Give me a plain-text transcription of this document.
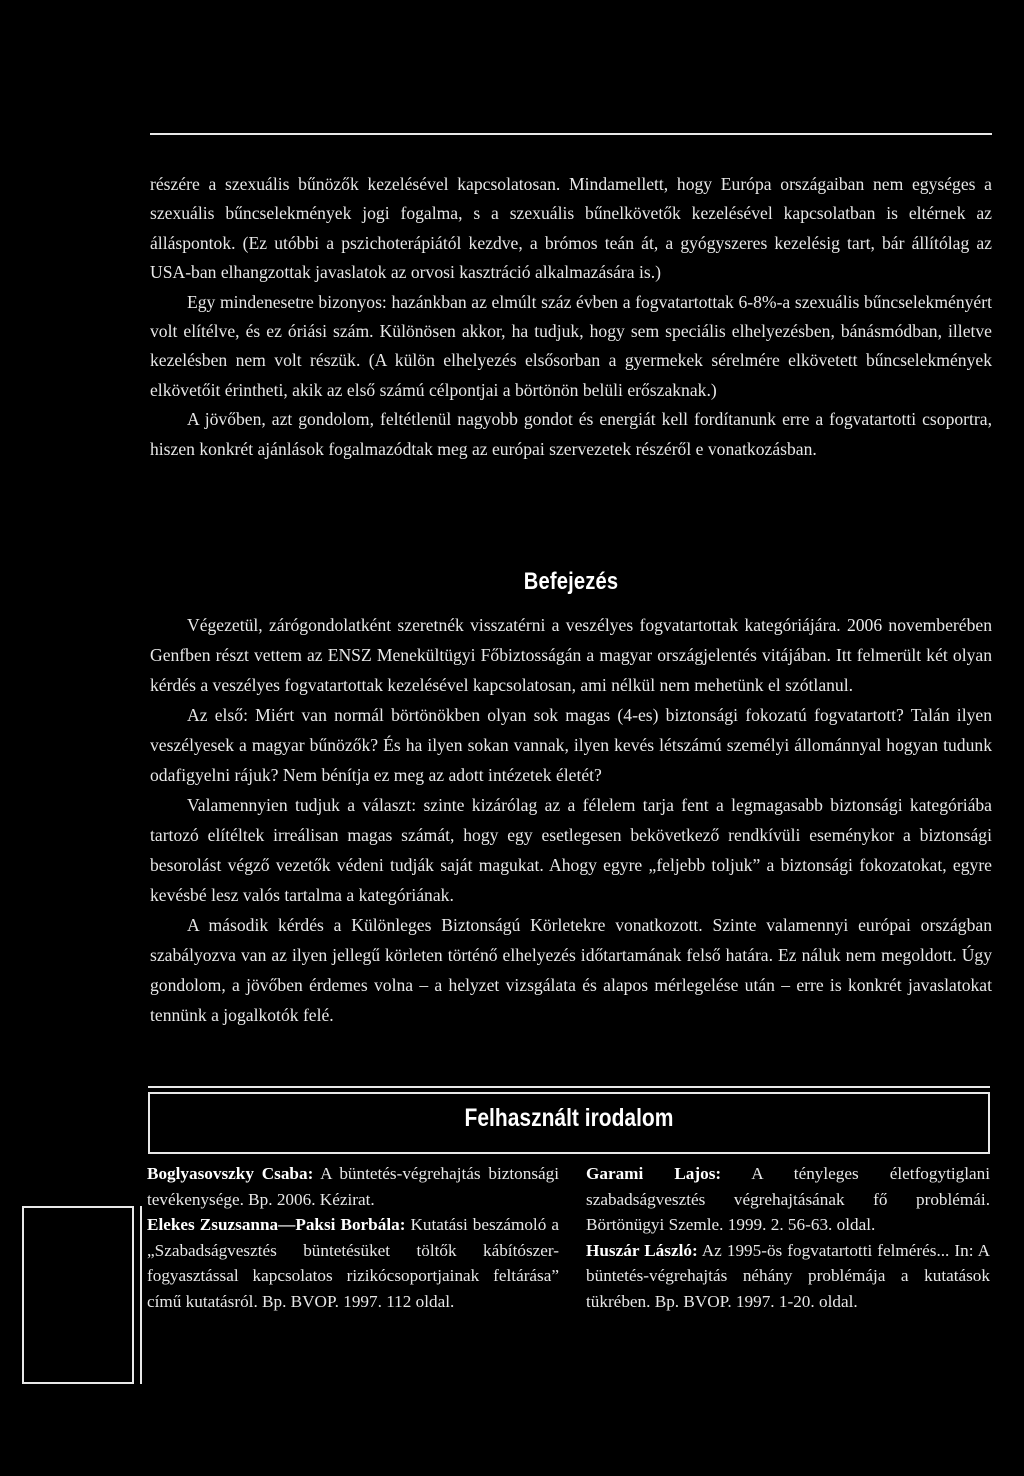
részére a szexuális bűnözők kezelésével kapcsolatosan. Mindamellett, hogy Európa országaiban nem egységes a szexuális bűncselekmények jogi fogalma, s a szexuális bűnelkövetők kezelésével kapcsolatban is eltérnek az álláspontok. (Ez utóbbi a pszichoterápiától kezdve, a brómos teán át, a gyógyszeres kezelésig tart, bár állítólag az USA-ban elhangzottak javaslatok az orvosi kasztráció alkalmazására is.)

Egy mindenesetre bizonyos: hazánkban az elmúlt száz évben a fogvatartottak 6-8%-a szexuális bűncselekményért volt elítélve, és ez óriási szám. Különösen akkor, ha tudjuk, hogy sem speciális elhelyezésben, bánásmódban, illetve kezelésben nem volt részük. (A külön elhelyezés elsősorban a gyermekek sérelmére elkövetett bűncselekmények elkövetőit érintheti, akik az első számú célpontjai a börtönön belüli erőszaknak.)

A jövőben, azt gondolom, feltétlenül nagyobb gondot és energiát kell fordítanunk erre a fogvatartotti csoportra, hiszen konkrét ajánlások fogalmazódtak meg az európai szervezetek részéről e vonatkozásban.

Befejezés

Végezetül, zárógondolatként szeretnék visszatérni a veszélyes fogvatartottak kategóriájára. 2006 novemberében Genfben részt vettem az ENSZ Menekültügyi Főbiztosságán a magyar országjelentés vitájában. Itt felmerült két olyan kérdés a veszélyes fogvatartottak kezelésével kapcsolatosan, ami nélkül nem mehetünk el szótlanul.

Az első: Miért van normál börtönökben olyan sok magas (4-es) biztonsági fokozatú fogvatartott? Talán ilyen veszélyesek a magyar bűnözők? És ha ilyen sokan vannak, ilyen kevés létszámú személyi állománnyal hogyan tudunk odafigyelni rájuk? Nem bénítja ez meg az adott intézetek életét?

Valamennyien tudjuk a választ: szinte kizárólag az a félelem tarja fent a legmagasabb biztonsági kategóriába tartozó elítéltek irreálisan magas számát, hogy egy esetlegesen bekövetkező rendkívüli eseménykor a biztonsági besorolást végző vezetők védeni tudják saját magukat. Ahogy egyre „feljebb toljuk” a biztonsági fokozatokat, egyre kevésbé lesz valós tartalma a kategóriának.

A második kérdés a Különleges Biztonságú Körletekre vonatkozott. Szinte valamennyi európai országban szabályozva van az ilyen jellegű körleten történő elhelyezés időtartamának felső határa. Ez náluk nem megoldott. Úgy gondolom, a jövőben érdemes volna – a helyzet vizsgálata és alapos mérlegelése után – erre is konkrét javaslatokat tennünk a jogalkotók felé.

Felhasznált irodalom

Boglyasovszky Csaba: A büntetés-végrehajtás biztonsági tevékenysége. Bp. 2006. Kézirat.

Elekes Zsuzsanna—Paksi Borbála: Kutatási beszámoló a „Szabadságvesztés büntetésüket töltők kábítószer-fogyasztással kapcsolatos rizikócsoportjainak feltárása” című kutatásról. Bp. BVOP. 1997. 112 oldal.

Garami Lajos: A tényleges életfogytiglani szabadságvesztés végrehajtásának fő problémái. Börtönügyi Szemle. 1999. 2. 56-63. oldal.

Huszár László: Az 1995-ös fogvatartotti felmérés... In: A büntetés-végrehajtás néhány problémája a kutatások tükrében. Bp. BVOP. 1997. 1-20. oldal.
